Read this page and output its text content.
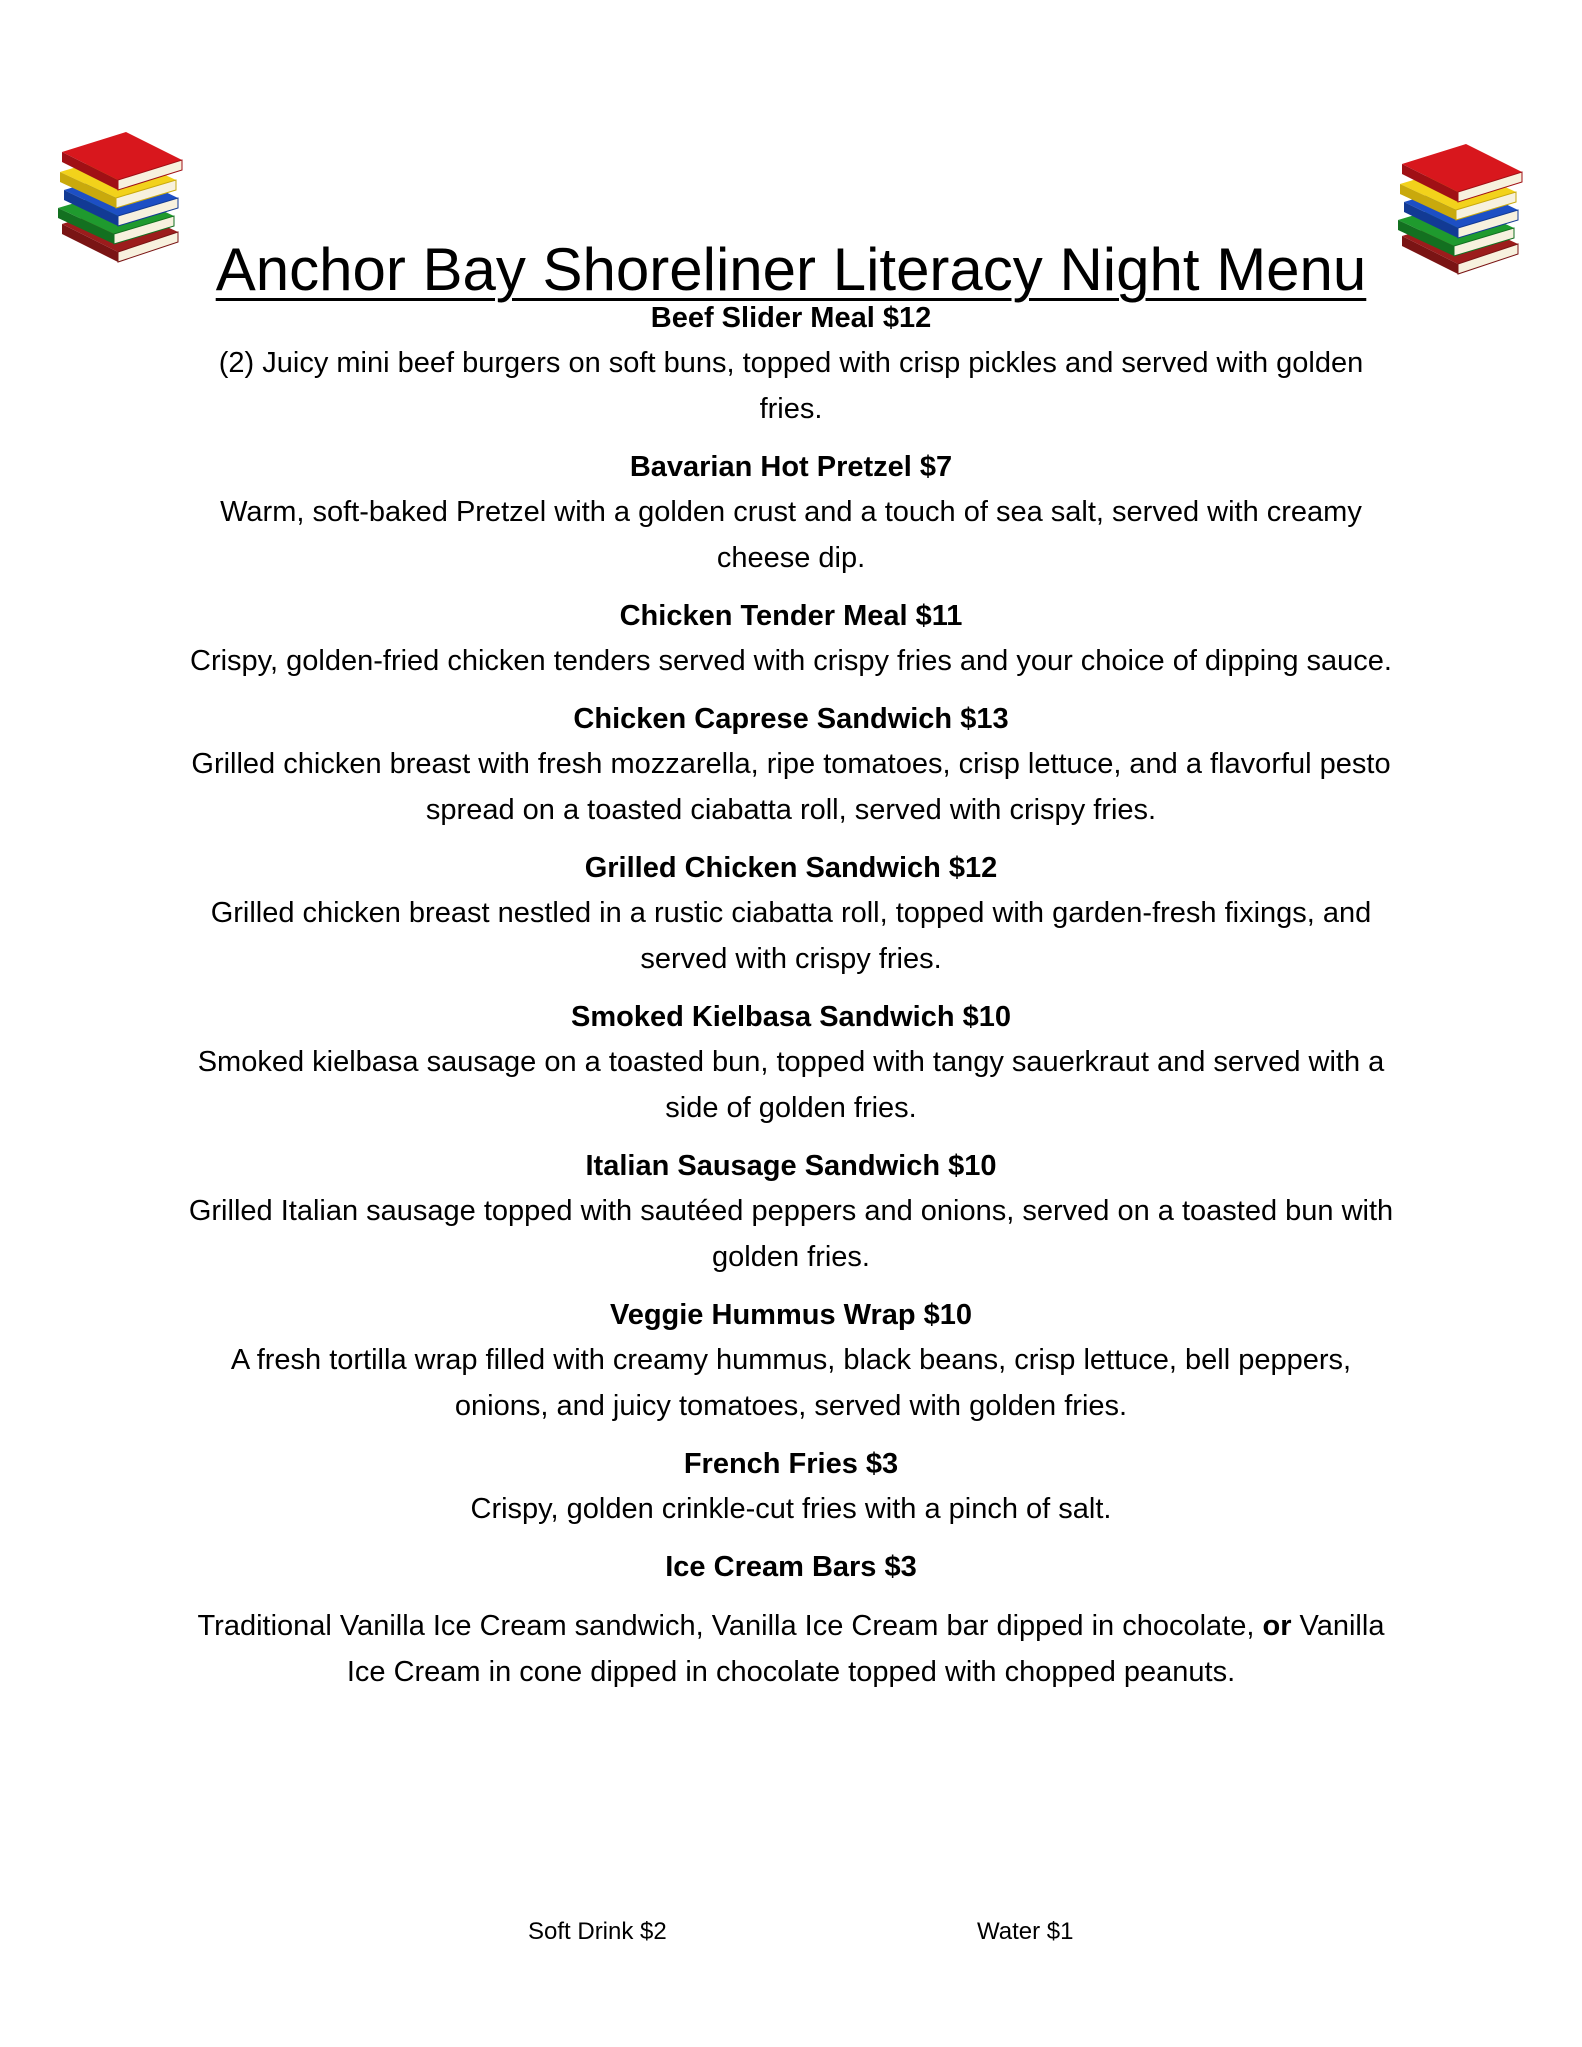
Anchor Bay Shoreliner Literacy Night Menu
Beef Slider Meal $12
(2) Juicy mini beef burgers on soft buns, topped with crisp pickles and served with golden fries.
Bavarian Hot Pretzel $7
Warm, soft-baked Pretzel with a golden crust and a touch of sea salt, served with creamy cheese dip.
Chicken Tender Meal $11
Crispy, golden-fried chicken tenders served with crispy fries and your choice of dipping sauce.
Chicken Caprese Sandwich $13
Grilled chicken breast with fresh mozzarella, ripe tomatoes, crisp lettuce, and a flavorful pesto spread on a toasted ciabatta roll, served with crispy fries.
Grilled Chicken Sandwich $12
Grilled chicken breast nestled in a rustic ciabatta roll, topped with garden-fresh fixings, and served with crispy fries.
Smoked Kielbasa Sandwich $10
Smoked kielbasa sausage on a toasted bun, topped with tangy sauerkraut and served with a side of golden fries.
Italian Sausage Sandwich $10
Grilled Italian sausage topped with sautéed peppers and onions, served on a toasted bun with golden fries.
Veggie Hummus Wrap $10
A fresh tortilla wrap filled with creamy hummus, black beans, crisp lettuce, bell peppers, onions, and juicy tomatoes, served with golden fries.
French Fries $3
Crispy, golden crinkle-cut fries with a pinch of salt.
Ice Cream Bars $3
Traditional Vanilla Ice Cream sandwich, Vanilla Ice Cream bar dipped in chocolate, or Vanilla Ice Cream in cone dipped in chocolate topped with chopped peanuts.
Soft Drink $2	Water $1
